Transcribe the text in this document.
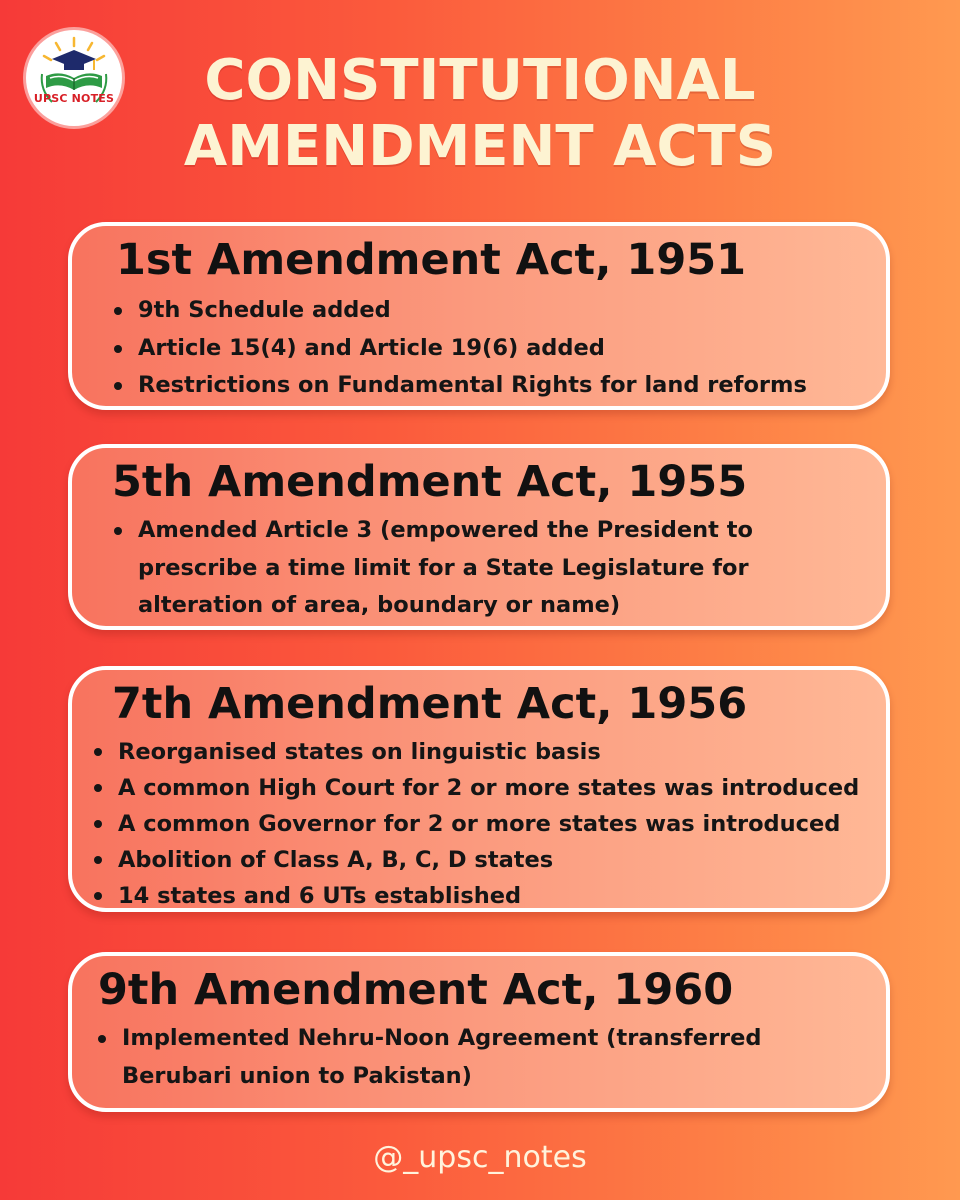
UPSC NOTES	CONSTITUTIONAL
AMENDMENT ACTS
1st Amendment Act, 1951
9th Schedule added
Article 15(4) and Article 19(6) added
Restrictions on Fundamental Rights for land reforms
5th Amendment Act, 1955
Amended Article 3 (empowered the President to prescribe a time limit for a State Legislature for alteration of area, boundary or name)
7th Amendment Act, 1956
Reorganised states on linguistic basis
A common High Court for 2 or more states was introduced
A common Governor for 2 or more states was introduced
Abolition of Class A, B, C, D states
14 states and 6 UTs established
9th Amendment Act, 1960
Implemented Nehru-Noon Agreement (transferred Berubari union to Pakistan)
@_upsc_notes
